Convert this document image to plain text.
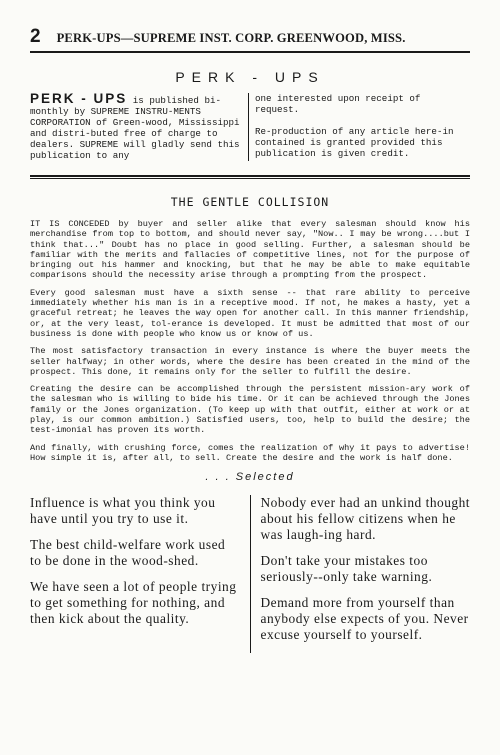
2 PERK-UPS—SUPREME INST. CORP. GREENWOOD, MISS.
PERK - UPS
PERK - UPS is published bi-monthly by SUPREME INSTRU-MENTS CORPORATION of Green-wood, Mississippi and distri-buted free of charge to dealers. SUPREME will gladly send this publication to any
one interested upon receipt of request.
Re-production of any article here-in contained is granted provided this publication is given credit.
THE GENTLE COLLISION

IT IS CONCEDED by buyer and seller alike that every salesman should know his merchandise from top to bottom, and should never say, "Now.. I may be wrong....but I think that..." Doubt has no place in good selling. Further, a salesman should be familiar with the merits and fallacies of competitive lines, not for the purpose of bringing out his hammer and knocking, but that he may be able to make equitable comparisons should the necessity arise through a prompting from the prospect.

Every good salesman must have a sixth sense -- that rare ability to perceive immediately whether his man is in a receptive mood. If not, he makes a hasty, yet a graceful retreat; he leaves the way open for another call. In this manner friendship, or, at the very least, tol-erance is developed. It must be admitted that most of our business is done with people who know us or know of us.

The most satisfactory transaction in every instance is where the buyer meets the seller halfway; in other words, where the desire has been created in the mind of the prospect. This done, it remains only for the seller to fulfill the desire.

Creating the desire can be accomplished through the persistent mission-ary work of the salesman who is willing to bide his time. Or it can be achieved through the Jones family or the Jones organization. (To keep up with that outfit, either at work or at play, is our common ambition.) Satisfied users, too, help to build the desire; the test-imonial has proven its worth.

And finally, with crushing force, comes the realization of why it pays to advertise! How simple it is, after all, to sell. Create the desire and the work is half done.

. . . Selected

Influence is what you think you have until you try to use it.

The best child-welfare work used to be done in the wood-shed.

We have seen a lot of people trying to get something for nothing, and then kick about the quality.

Nobody ever had an unkind thought about his fellow citizens when he was laugh-ing hard.

Don't take your mistakes too seriously--only take warning.

Demand more from yourself than anybody else expects of you. Never excuse yourself to yourself.
